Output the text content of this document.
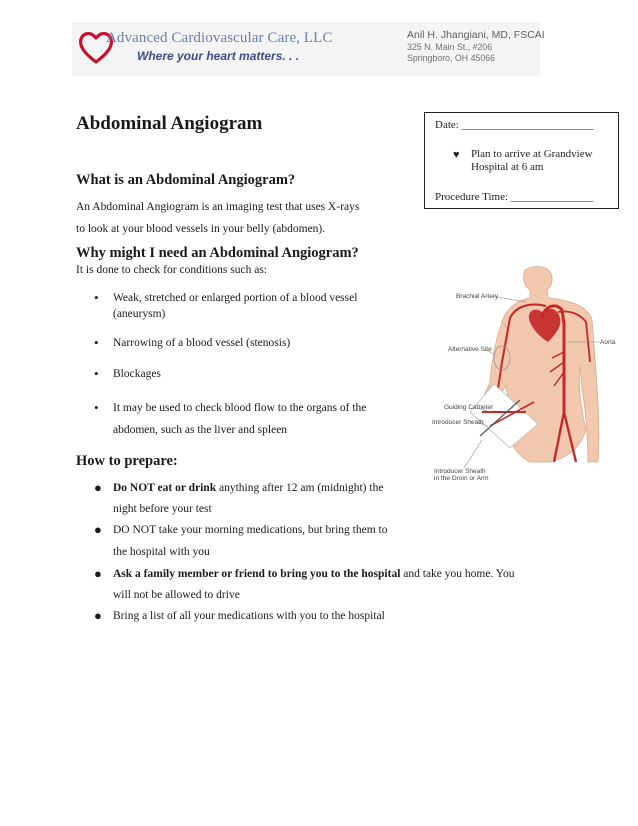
Advanced Cardiovascular Care, LLC
Where your heart matters. . .
Anil H. Jhangiani, MD, FSCAI
325 N. Main St., #206
Springboro, OH 45066
Abdominal Angiogram	Date: ________________________
♥ Plan to arrive at Grandview Hospital at 6 am
Procedure Time: _______________
What is an Abdominal Angiogram?
An Abdominal Angiogram is an imaging test that uses X-rays
to look at your blood vessels in your belly (abdomen).
Why might I need an Abdominal Angiogram?
It is done to check for conditions such as:
• Weak, stretched or enlarged portion of a blood vessel
(aneurysm)
• Narrowing of a blood vessel (stenosis)
• Blockages
• It may be used to check blood flow to the organs of the
abdomen, such as the liver and spleen
How to prepare:
● Do NOT eat or drink anything after 12 am (midnight) the
night before your test
● DO NOT take your morning medications, but bring them to
the hospital with you
● Ask a family member or friend to bring you to the hospital and take you home. You
will not be allowed to drive
● Bring a list of all your medications with you to the hospital
Brachial Artery
Alternative Site
Aorta
Guiding Catheter
Introducer Sheath
Introducer Sheath
in the Groin or Arm
